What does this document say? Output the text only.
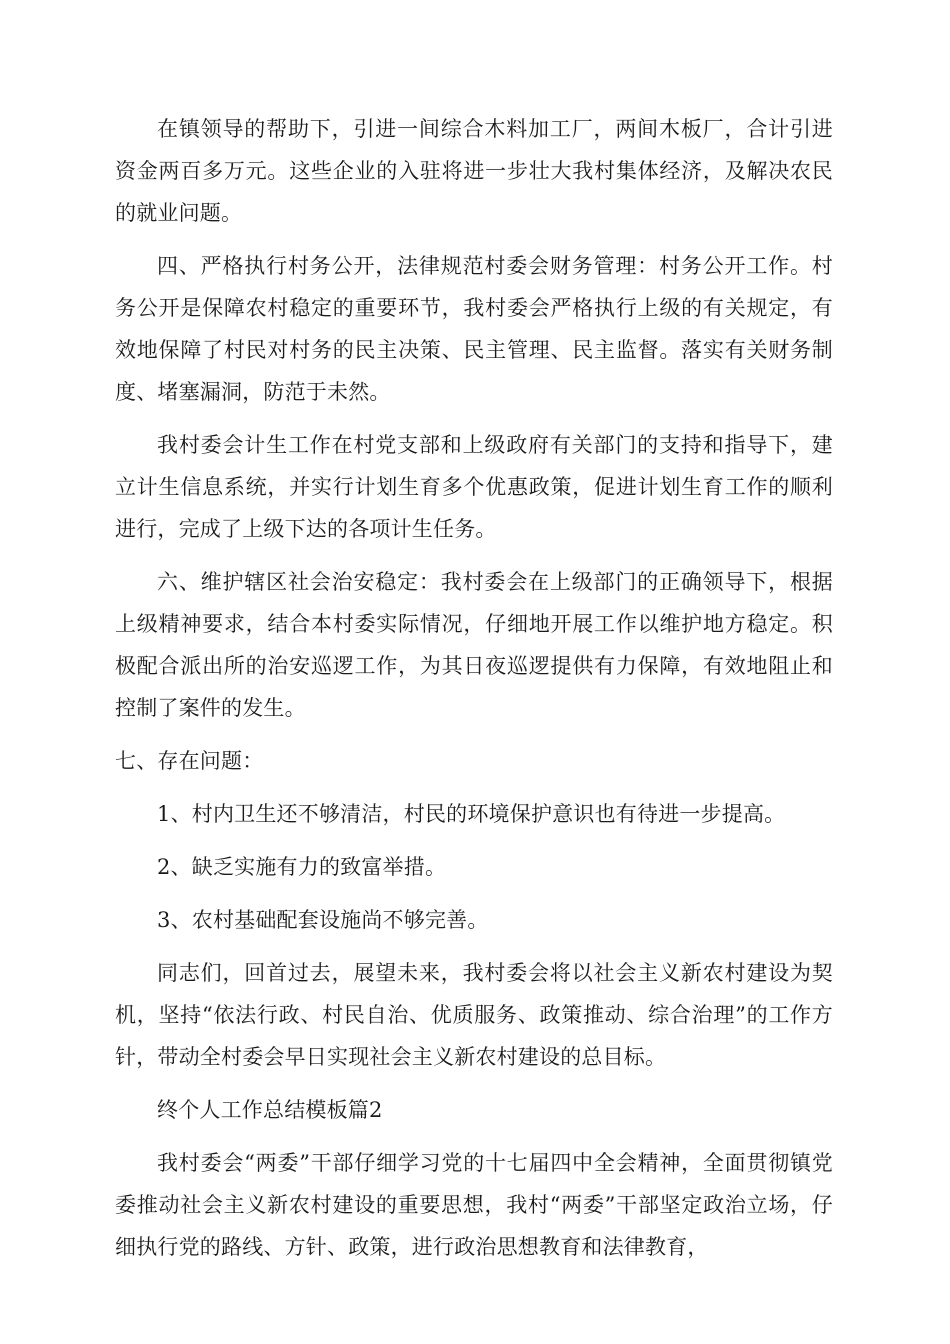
在镇领导的帮助下，引进一间综合木料加工厂，两间木板厂，合计引进资金两百多万元。这些企业的入驻将进一步壮大我村集体经济，及解决农民的就业问题。

四、严格执行村务公开，法律规范村委会财务管理：村务公开工作。村务公开是保障农村稳定的重要环节，我村委会严格执行上级的有关规定，有效地保障了村民对村务的民主决策、民主管理、民主监督。落实有关财务制度、堵塞漏洞，防范于未然。

我村委会计生工作在村党支部和上级政府有关部门的支持和指导下，建立计生信息系统，并实行计划生育多个优惠政策，促进计划生育工作的顺利进行，完成了上级下达的各项计生任务。

六、维护辖区社会治安稳定：我村委会在上级部门的正确领导下，根据上级精神要求，结合本村委实际情况，仔细地开展工作以维护地方稳定。积极配合派出所的治安巡逻工作，为其日夜巡逻提供有力保障，有效地阻止和控制了案件的发生。

七、存在问题：

1、村内卫生还不够清洁，村民的环境保护意识也有待进一步提高。

2、缺乏实施有力的致富举措。

3、农村基础配套设施尚不够完善。

同志们，回首过去，展望未来，我村委会将以社会主义新农村建设为契机，坚持“依法行政、村民自治、优质服务、政策推动、综合治理”的工作方针，带动全村委会早日实现社会主义新农村建设的总目标。

终个人工作总结模板篇2

我村委会“两委”干部仔细学习党的十七届四中全会精神，全面贯彻镇党委推动社会主义新农村建设的重要思想，我村“两委”干部坚定政治立场，仔细执行党的路线、方针、政策，进行政治思想教育和法律教育，
